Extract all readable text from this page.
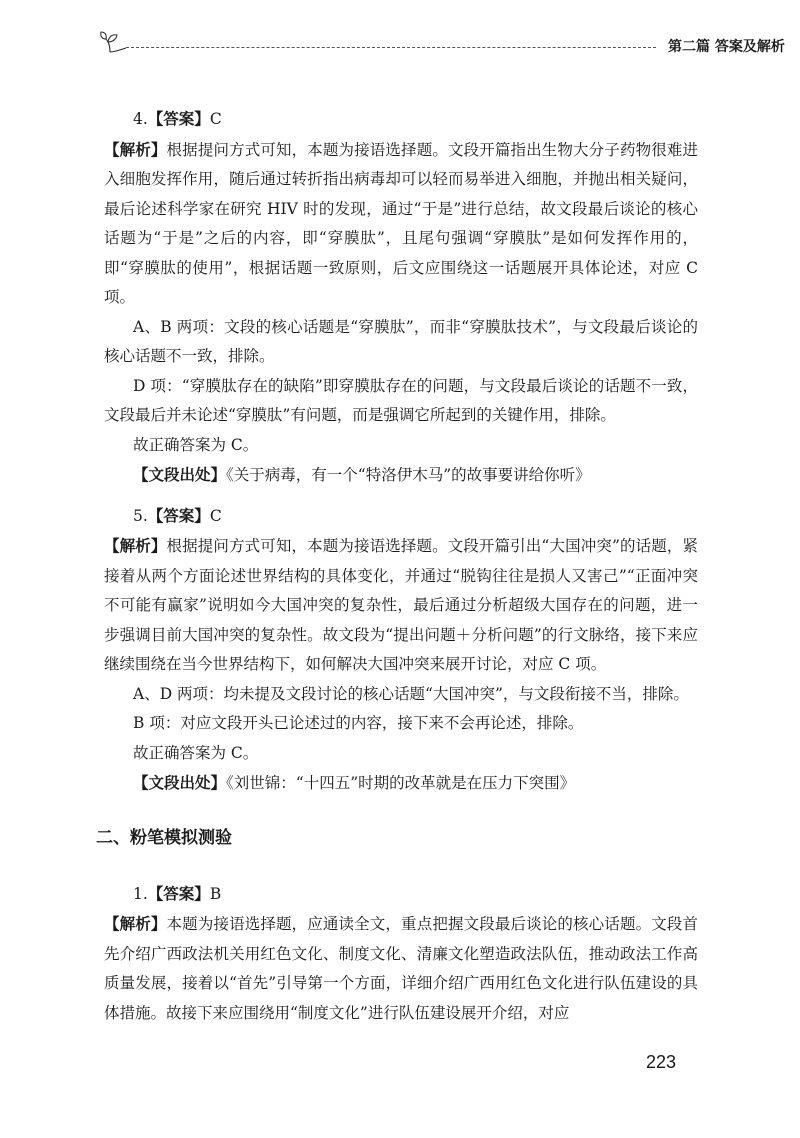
第二篇 答案及解析

4.【答案】C

【解析】根据提问方式可知，本题为接语选择题。文段开篇指出生物大分子药物很难进入细胞发挥作用，随后通过转折指出病毒却可以轻而易举进入细胞，并抛出相关疑问，最后论述科学家在研究 HIV 时的发现，通过“于是”进行总结，故文段最后谈论的核心话题为“于是”之后的内容，即“穿膜肽”，且尾句强调“穿膜肽”是如何发挥作用的，即“穿膜肽的使用”，根据话题一致原则，后文应围绕这一话题展开具体论述，对应 C 项。

A、B 两项：文段的核心话题是“穿膜肽”，而非“穿膜肽技术”，与文段最后谈论的核心话题不一致，排除。

D 项：“穿膜肽存在的缺陷”即穿膜肽存在的问题，与文段最后谈论的话题不一致，文段最后并未论述“穿膜肽”有问题，而是强调它所起到的关键作用，排除。

故正确答案为 C。

【文段出处】《关于病毒，有一个“特洛伊木马”的故事要讲给你听》

5.【答案】C

【解析】根据提问方式可知，本题为接语选择题。文段开篇引出“大国冲突”的话题，紧接着从两个方面论述世界结构的具体变化，并通过“脱钩往往是损人又害己”“正面冲突不可能有赢家”说明如今大国冲突的复杂性，最后通过分析超级大国存在的问题，进一步强调目前大国冲突的复杂性。故文段为“提出问题＋分析问题”的行文脉络，接下来应继续围绕在当今世界结构下，如何解决大国冲突来展开讨论，对应 C 项。

A、D 两项：均未提及文段讨论的核心话题“大国冲突”，与文段衔接不当，排除。

B 项：对应文段开头已论述过的内容，接下来不会再论述，排除。

故正确答案为 C。

【文段出处】《刘世锦：“十四五”时期的改革就是在压力下突围》

二、粉笔模拟测验

1.【答案】B

【解析】本题为接语选择题，应通读全文，重点把握文段最后谈论的核心话题。文段首先介绍广西政法机关用红色文化、制度文化、清廉文化塑造政法队伍，推动政法工作高质量发展，接着以“首先”引导第一个方面，详细介绍广西用红色文化进行队伍建设的具体措施。故接下来应围绕用“制度文化”进行队伍建设展开介绍，对应

223
